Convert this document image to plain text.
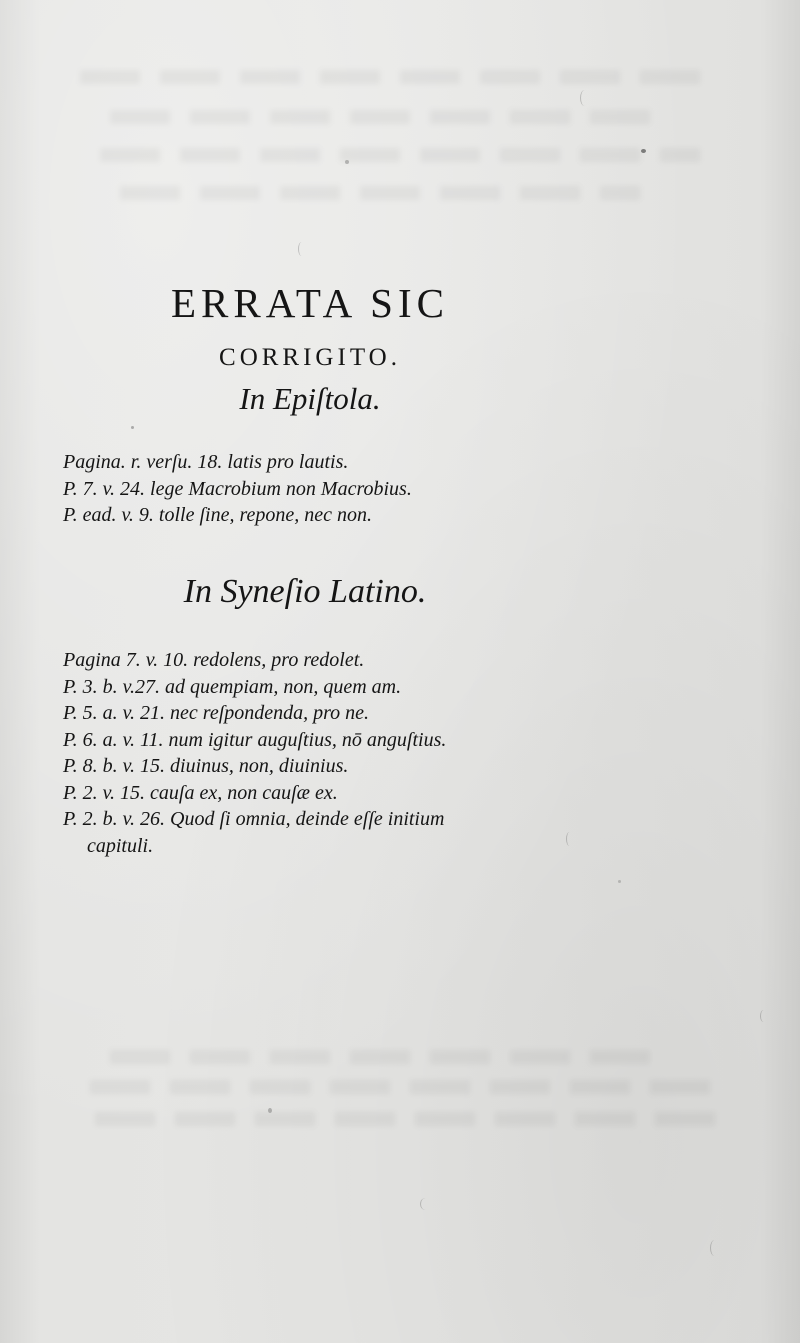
ERRATA SIC
CORRIGITO.
In Epiſtola.
Pagina. r. verſu. 18. latis pro lautis.
P. 7. v. 24. lege Macrobium non Macrobius.
P. ead. v. 9. tolle ſine, repone, nec non.
In Syneſio Latino.
Pagina 7. v. 10. redolens, pro redolet.
P. 3. b. v.27. ad quempiam, non, quem am.
P. 5. a. v. 21. nec reſpondenda, pro ne.
P. 6. a. v. 11. num igitur auguſtius, nō anguſtius.
P. 8. b. v. 15. diuinus, non, diuinius.
P. 2. v. 15. cauſa ex, non cauſæ ex.
P. 2. b. v. 26. Quod ſi omnia, deinde eſſe initium
capituli.
